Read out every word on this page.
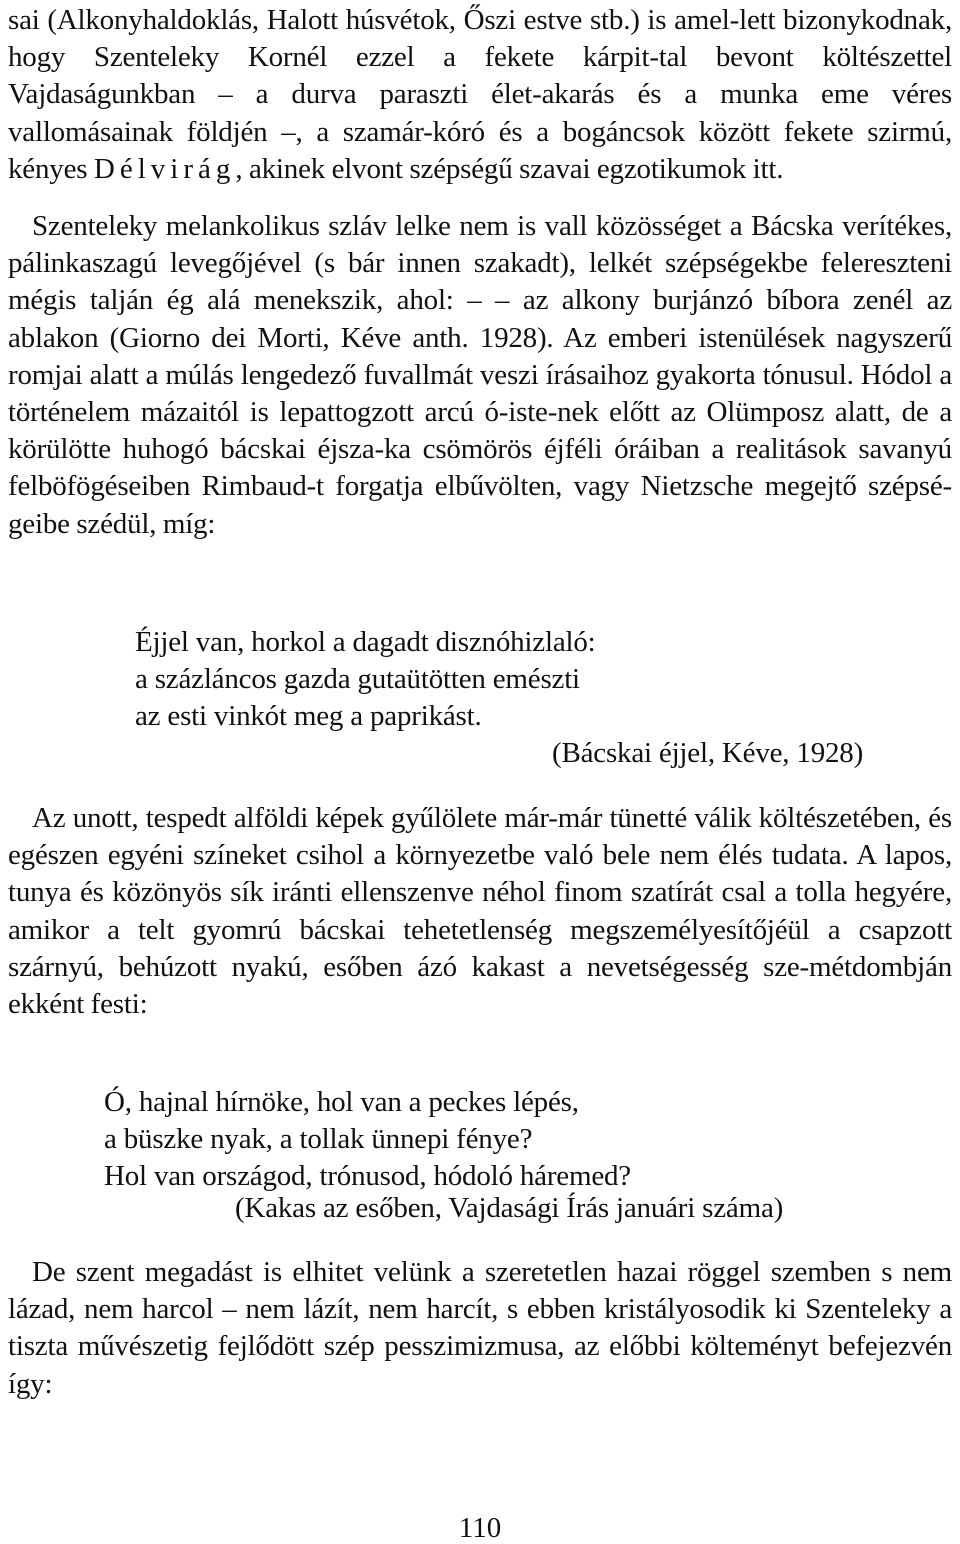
sai (Alkonyhaldoklás, Halott húsvétok, Őszi estve stb.) is amel-lett bizonykodnak, hogy Szenteleky Kornél ezzel a fekete kárpit-tal bevont költészettel Vajdaságunkban – a durva paraszti élet-akarás és a munka eme véres vallomásainak földjén –, a szamár-kóró és a bogáncsok között fekete szirmú, kényes Délvirág, akinek elvont szépségű szavai egzotikumok itt.

Szenteleky melankolikus szláv lelke nem is vall közösséget a Bácska verítékes, pálinkaszagú levegőjével (s bár innen szakadt), lelkét szépségekbe felereszteni mégis talján ég alá menekszik, ahol: – – az alkony burjánzó bíbora zenél az ablakon (Giorno dei Morti, Kéve anth. 1928). Az emberi istenülések nagyszerű romjai alatt a múlás lengedező fuvallmát veszi írásaihoz gyakorta tónusul. Hódol a történelem mázaitól is lepattogzott arcú ó-iste-nek előtt az Olümposz alatt, de a körülötte huhogó bácskai éjsza-ka csömörös éjféli óráiban a realitások savanyú felböfögéseiben Rimbaud-t forgatja elbűvölten, vagy Nietzsche megejtő szépsé-geibe szédül, míg:

Éjjel van, horkol a dagadt disznóhizlaló:
a százláncos gazda gutaütötten emészti
az esti vinkót meg a paprikást.

(Bácskai éjjel, Kéve, 1928)

Az unott, tespedt alföldi képek gyűlölete már-már tünetté válik költészetében, és egészen egyéni színeket csihol a környezetbe való bele nem élés tudata. A lapos, tunya és közönyös sík iránti ellenszenve néhol finom szatírát csal a tolla hegyére, amikor a telt gyomrú bácskai tehetetlenség megszemélyesítőjéül a csapzott szárnyú, behúzott nyakú, esőben ázó kakast a nevetségesség sze-métdombján ekként festi:

Ó, hajnal hírnöke, hol van a peckes lépés,
a büszke nyak, a tollak ünnepi fénye?
Hol van országod, trónusod, hódoló háremed?

(Kakas az esőben, Vajdasági Írás januári száma)

De szent megadást is elhitet velünk a szeretetlen hazai röggel szemben s nem lázad, nem harcol – nem lázít, nem harcít, s ebben kristályosodik ki Szenteleky a tiszta művészetig fejlődött szép pesszimizmusa, az előbbi költeményt befejezvén így:

110
